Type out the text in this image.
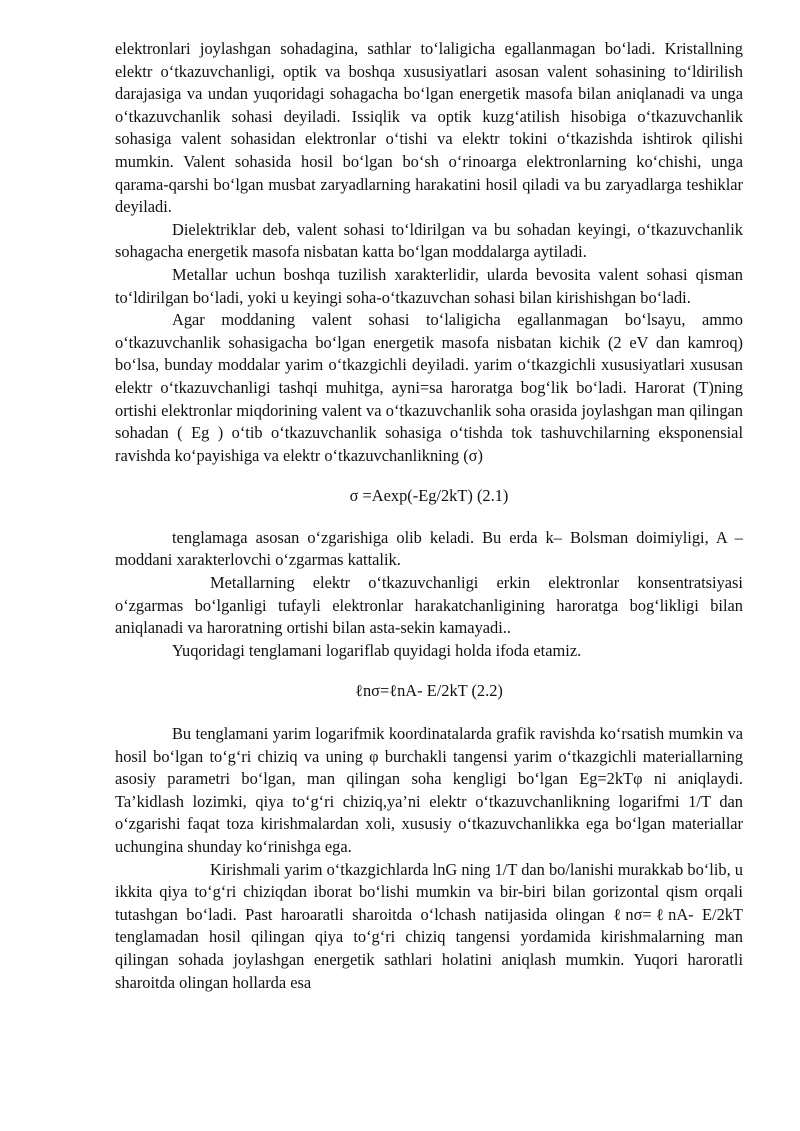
elektronlari joylashgan sohadagina, sathlar to‘laligicha egallanmagan bo‘ladi. Kristallning elektr o‘tkazuvchanligi, optik va boshqa xususiyatlari asosan valent sohasining to‘ldirilish darajasiga va undan yuqoridagi sohagacha bo‘lgan energetik masofa bilan aniqlanadi va unga o‘tkazuvchanlik sohasi deyiladi. Issiqlik va optik kuzg‘atilish hisobiga o‘tkazuvchanlik sohasiga valent sohasidan elektronlar o‘tishi va elektr tokini o‘tkazishda ishtirok qilishi mumkin. Valent sohasida hosil bo‘lgan bo‘sh o‘rinoarga elektronlarning ko‘chishi, unga qarama-qarshi bo‘lgan musbat zaryadlarning harakatini hosil qiladi va bu zaryadlarga teshiklar deyiladi.

Dielektriklar deb, valent sohasi to‘ldirilgan va bu sohadan keyingi, o‘tkazuvchanlik sohagacha energetik masofa nisbatan katta bo‘lgan moddalarga aytiladi.

Metallar uchun boshqa tuzilish xarakterlidir, ularda bevosita valent sohasi qisman to‘ldirilgan bo‘ladi, yoki u keyingi soha-o‘tkazuvchan sohasi bilan kirishishgan bo‘ladi.

Agar moddaning valent sohasi to‘laligicha egallanmagan bo‘lsayu, ammo o‘tkazuvchanlik sohasigacha bo‘lgan energetik masofa nisbatan kichik (2 eV dan kamroq) bo‘lsa, bunday moddalar yarim o‘tkazgichli deyiladi. yarim o‘tkazgichli xususiyatlari xususan elektr o‘tkazuvchanligi tashqi muhitga, ayni=sa haroratga bog‘lik bo‘ladi. Harorat (T)ning ortishi elektronlar miqdorining valent va o‘tkazuvchanlik soha orasida joylashgan man qilingan sohadan ( Eg ) o‘tib o‘tkazuvchanlik sohasiga o‘tishda tok tashuvchilarning eksponensial ravishda ko‘payishiga va elektr o‘tkazuvchanlikning (σ)

σ =Aexp(-Eg/2kT) (2.1)

tenglamaga asosan o‘zgarishiga olib keladi. Bu erda k– Bolsman doimiyligi, A – moddani xarakterlovchi o‘zgarmas kattalik.

Metallarning elektr o‘tkazuvchanligi erkin elektronlar konsentratsiyasi o‘zgarmas bo‘lganligi tufayli elektronlar harakatchanligining haroratga bog‘likligi bilan aniqlanadi va haroratning ortishi bilan asta-sekin kamayadi..

Yuqoridagi tenglamani logariflab quyidagi holda ifoda etamiz.

ℓnσ=ℓnA- E/2kT (2.2)

Bu tenglamani yarim logarifmik koordinatalarda grafik ravishda ko‘rsatish mumkin va hosil bo‘lgan to‘g‘ri chiziq va uning φ burchakli tangensi yarim o‘tkazgichli materiallarning asosiy parametri bo‘lgan, man qilingan soha kengligi bo‘lgan Eg=2kTφ ni aniqlaydi. Ta’kidlash lozimki, qiya to‘g‘ri chiziq,ya’ni elektr o‘tkazuvchanlikning logarifmi 1/T dan o‘zgarishi faqat toza kirishmalardan xoli, xususiy o‘tkazuvchanlikka ega bo‘lgan materiallar uchungina shunday ko‘rinishga ega.

Kirishmali yarim o‘tkazgichlarda lnG ning 1/T dan bo/lanishi murakkab bo‘lib, u ikkita qiya to‘g‘ri chiziqdan iborat bo‘lishi mumkin va bir-biri bilan gorizontal qism orqali tutashgan bo‘ladi. Past haroaratli sharoitda o‘lchash natijasida olingan ℓnσ=ℓnA- E/2kT tenglamadan hosil qilingan qiya to‘g‘ri chiziq tangensi yordamida kirishmalarning man qilingan sohada joylashgan energetik sathlari holatini aniqlash mumkin. Yuqori haroratli sharoitda olingan hollarda esa
